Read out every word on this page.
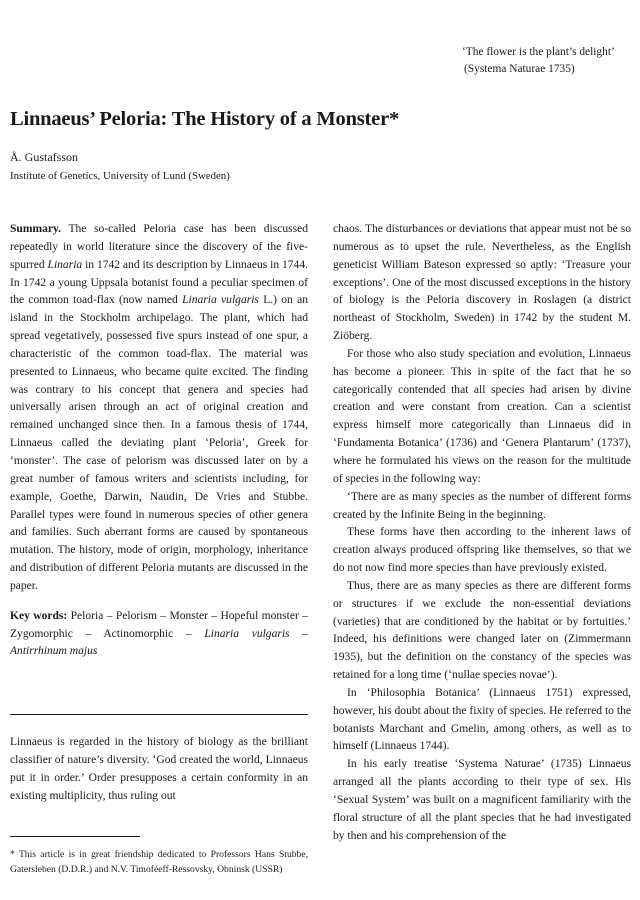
‘The flower is the plant’s delight’
(Systema Naturae 1735)
Linnaeus’ Peloria: The History of a Monster*
Å. Gustafsson
Institute of Genetics, University of Lund (Sweden)

Summary. The so-called Peloria case has been discussed repeatedly in world literature since the discovery of the five-spurred Linaria in 1742 and its description by Linnaeus in 1744. In 1742 a young Uppsala botanist found a peculiar specimen of the common toad-flax (now named Linaria vulgaris L.) on an island in the Stockholm archipelago. The plant, which had spread vegetatively, possessed five spurs instead of one spur, a characteristic of the common toad-flax. The material was presented to Linnaeus, who became quite excited. The finding was contrary to his concept that genera and species had universally arisen through an act of original creation and remained unchanged since then. In a famous thesis of 1744, Linnaeus called the deviating plant ‘Peloria’, Greek for ‘monster’. The case of pelorism was discussed later on by a great number of famous writers and scientists including, for example, Goethe, Darwin, Naudin, De Vries and Stubbe. Parallel types were found in numerous species of other genera and families. Such aberrant forms are caused by spontaneous mutation. The history, mode of origin, morphology, inheritance and distribution of different Peloria mutants are discussed in the paper.

Key words: Peloria – Pelorism – Monster – Hopeful monster – Zygomorphic – Actinomorphic – Linaria vulgaris – Antirrhinum majus

Linnaeus is regarded in the history of biology as the brilliant classifier of nature’s diversity. ‘God created the world, Linnaeus put it in order.’ Order presupposes a certain conformity in an existing multiplicity, thus ruling out

* This article is in great friendship dedicated to Professors Hans Stubbe, Gatersleben (D.D.R.) and N.V. Timoféeff-Ressovsky, Obninsk (USSR)

chaos. The disturbances or deviations that appear must not be so numerous as to upset the rule. Nevertheless, as the English geneticist William Bateson expressed so aptly: ‘Treasure your exceptions’. One of the most discussed exceptions in the history of biology is the Peloria discovery in Roslagen (a district northeast of Stockholm, Sweden) in 1742 by the student M. Ziöberg.

For those who also study speciation and evolution, Linnaeus has become a pioneer. This in spite of the fact that he so categorically contended that all species had arisen by divine creation and were constant from creation. Can a scientist express himself more categorically than Linnaeus did in ‘Fundamenta Botanica’ (1736) and ‘Genera Plantarum’ (1737), where he formulated his views on the reason for the multitude of species in the following way:

‘There are as many species as the number of different forms created by the Infinite Being in the beginning.

These forms have then according to the inherent laws of creation always produced offspring like themselves, so that we do not now find more species than have previously existed.

Thus, there are as many species as there are different forms or structures if we exclude the non-essential deviations (varieties) that are conditioned by the habitat or by fortuities.’ Indeed, his definitions were changed later on (Zimmermann 1935), but the definition on the constancy of the species was retained for a long time (‘nullae species novae’).

In ‘Philosophia Botanica’ (Linnaeus 1751) expressed, however, his doubt about the fixity of species. He referred to the botanists Marchant and Gmelin, among others, as well as to himself (Linnaeus 1744).

In his early treatise ‘Systema Naturae’ (1735) Linnaeus arranged all the plants according to their type of sex. His ‘Sexual System’ was built on a magnificent familiarity with the floral structure of all the plant species that he had investigated by then and his comprehension of the
